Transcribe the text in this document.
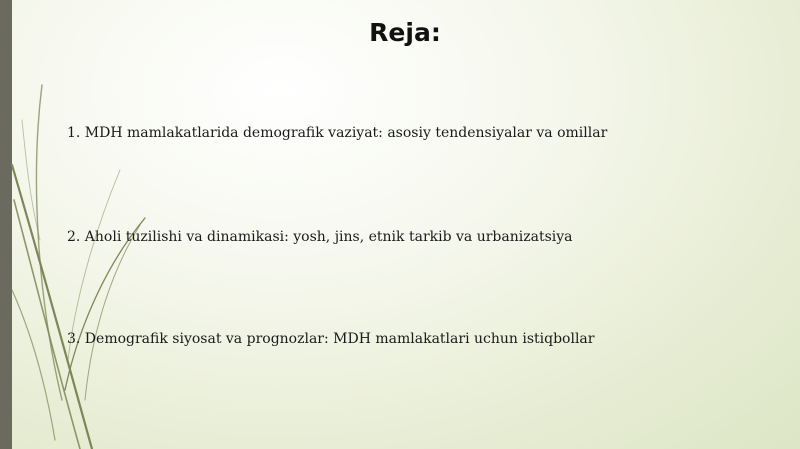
Reja:

1. MDH mamlakatlarida demografik vaziyat: asosiy tendensiyalar va omillar

2. Aholi tuzilishi va dinamikasi: yosh, jins, etnik tarkib va urbanizatsiya

3. Demografik siyosat va prognozlar: MDH mamlakatlari uchun istiqbollar
